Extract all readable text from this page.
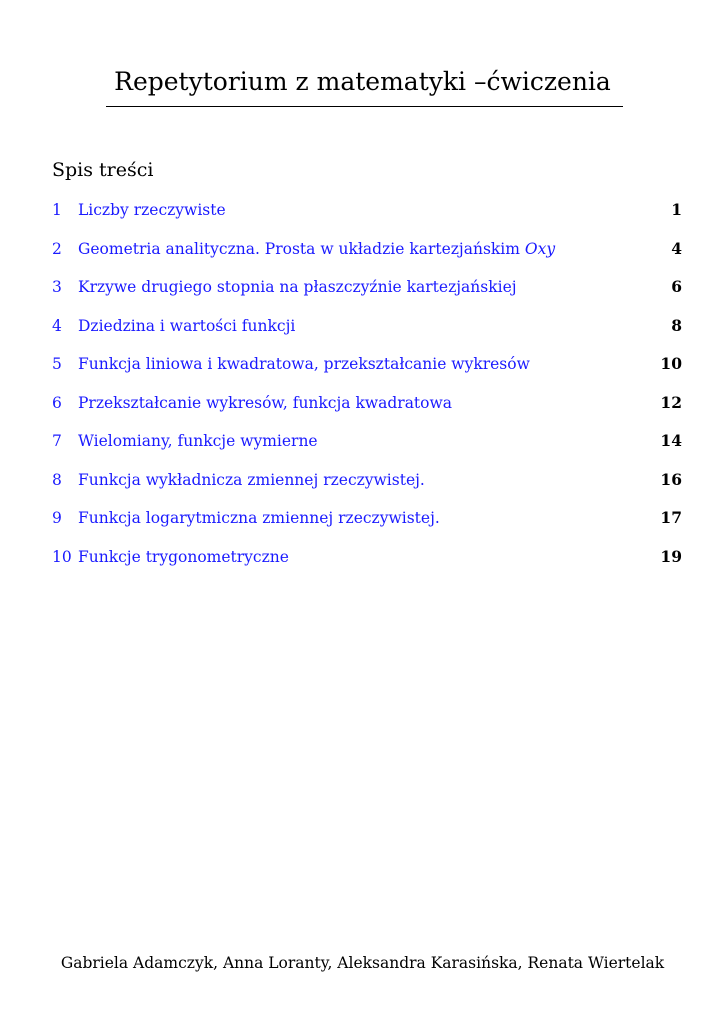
Repetytorium z matematyki –ćwiczenia
Spis treści
1 Liczby rzeczywiste	1
2 Geometria analityczna. Prosta w układzie kartezjańskim Oxy	4
3 Krzywe drugiego stopnia na płaszczyźnie kartezjańskiej	6
4 Dziedzina i wartości funkcji	8
5 Funkcja liniowa i kwadratowa, przekształcanie wykresów	10
6 Przekształcanie wykresów, funkcja kwadratowa	12
7 Wielomiany, funkcje wymierne	14
8 Funkcja wykładnicza zmiennej rzeczywistej.	16
9 Funkcja logarytmiczna zmiennej rzeczywistej.	17
10 Funkcje trygonometryczne	19
Gabriela Adamczyk, Anna Loranty, Aleksandra Karasińska, Renata Wiertelak
